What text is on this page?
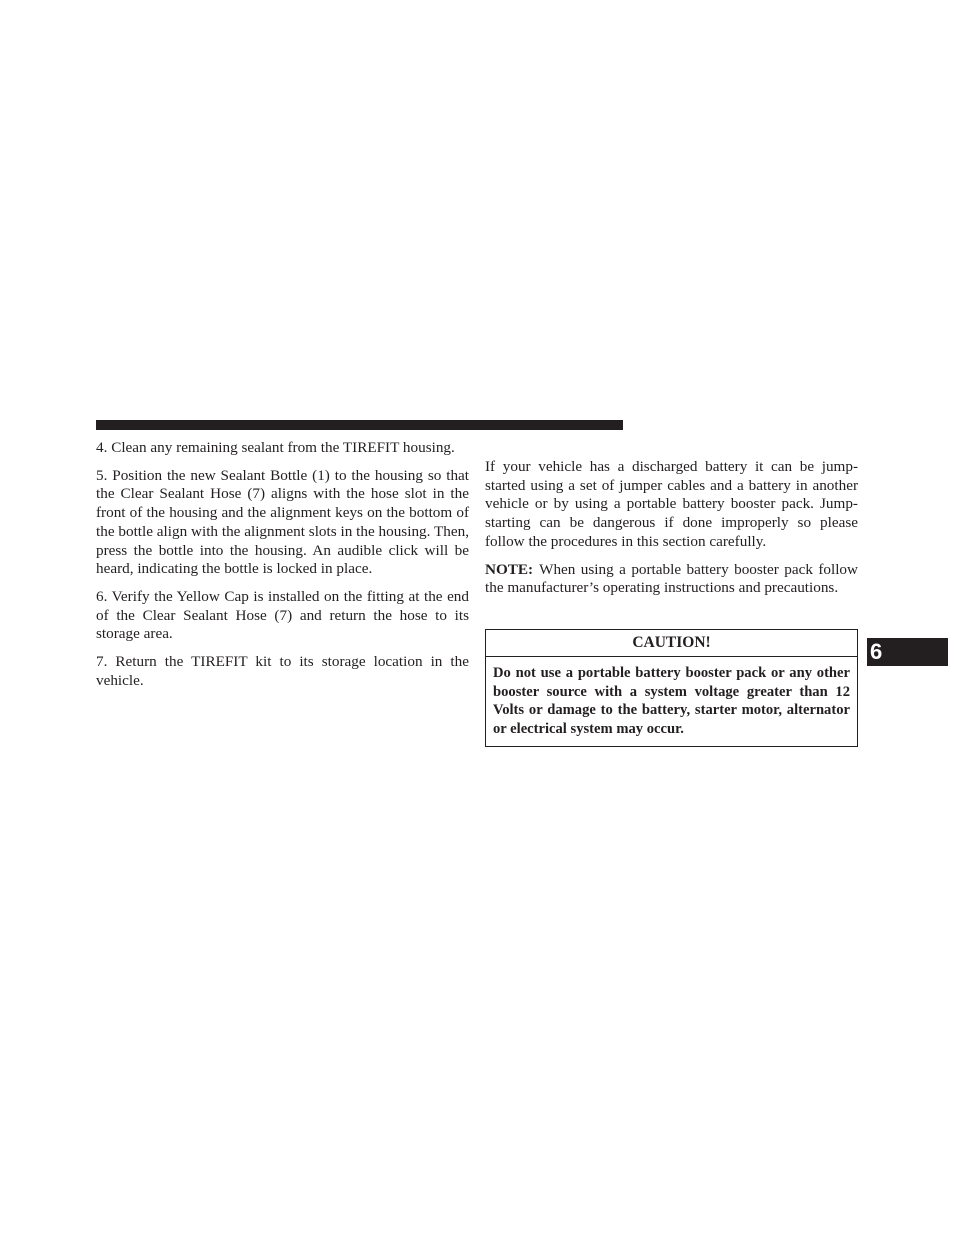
4. Clean any remaining sealant from the TIREFIT housing.

5. Position the new Sealant Bottle (1) to the housing so that the Clear Sealant Hose (7) aligns with the hose slot in the front of the housing and the alignment keys on the bottom of the bottle align with the alignment slots in the housing. Then, press the bottle into the housing. An audible click will be heard, indicating the bottle is locked in place.

6. Verify the Yellow Cap is installed on the fitting at the end of the Clear Sealant Hose (7) and return the hose to its storage area.

7. Return the TIREFIT kit to its storage location in the vehicle.

If your vehicle has a discharged battery it can be jump-started using a set of jumper cables and a battery in another vehicle or by using a portable battery booster pack. Jump-starting can be dangerous if done improperly so please follow the procedures in this section carefully.

NOTE: When using a portable battery booster pack follow the manufacturer’s operating instructions and precautions.

CAUTION!
Do not use a portable battery booster pack or any other booster source with a system voltage greater than 12 Volts or damage to the battery, starter motor, alternator or electrical system may occur.
6
